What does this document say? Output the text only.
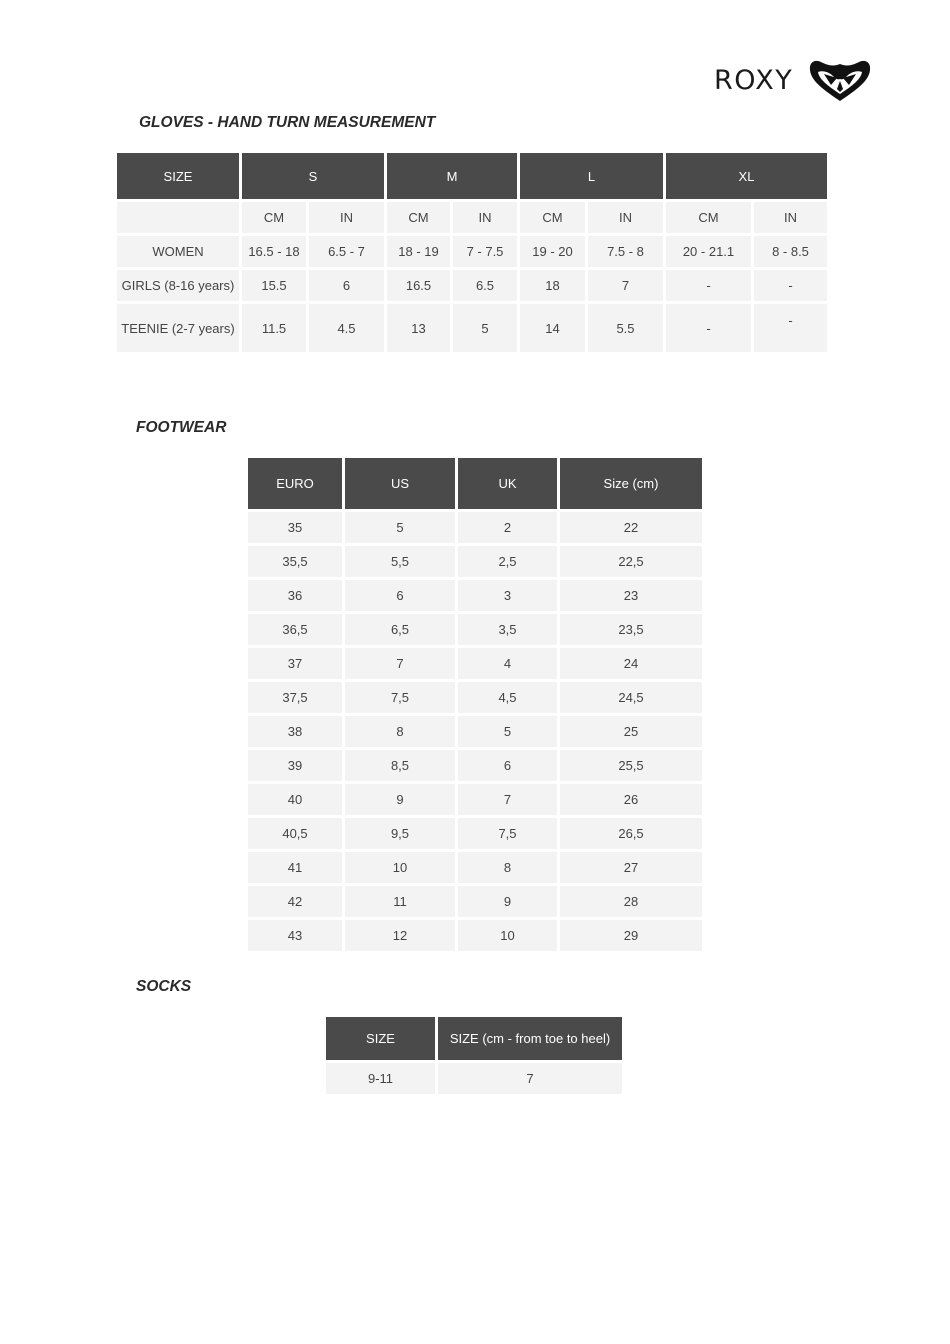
ROXY
GLOVES - HAND TURN MEASUREMENT
SIZE	S		M		L		XL	
	CM	IN	CM	IN	CM	IN	CM	IN
WOMEN	16.5 - 18	6.5 - 7	18 - 19	7 - 7.5	19 - 20	7.5 - 8	20 - 21.1	8 - 8.5
GIRLS (8-16 years)	15.5	6	16.5	6.5	18	7	-	-
TEENIE (2-7 years)	11.5	4.5	13	5	14	5.5	-	-
FOOTWEAR
EURO	US	UK	Size (cm)
35	5	2	22
35,5	5,5	2,5	22,5
36	6	3	23
36,5	6,5	3,5	23,5
37	7	4	24
37,5	7,5	4,5	24,5
38	8	5	25
39	8,5	6	25,5
40	9	7	26
40,5	9,5	7,5	26,5
41	10	8	27
42	11	9	28
43	12	10	29
SOCKS
SIZE	SIZE (cm - from toe to heel)
9-11	7
